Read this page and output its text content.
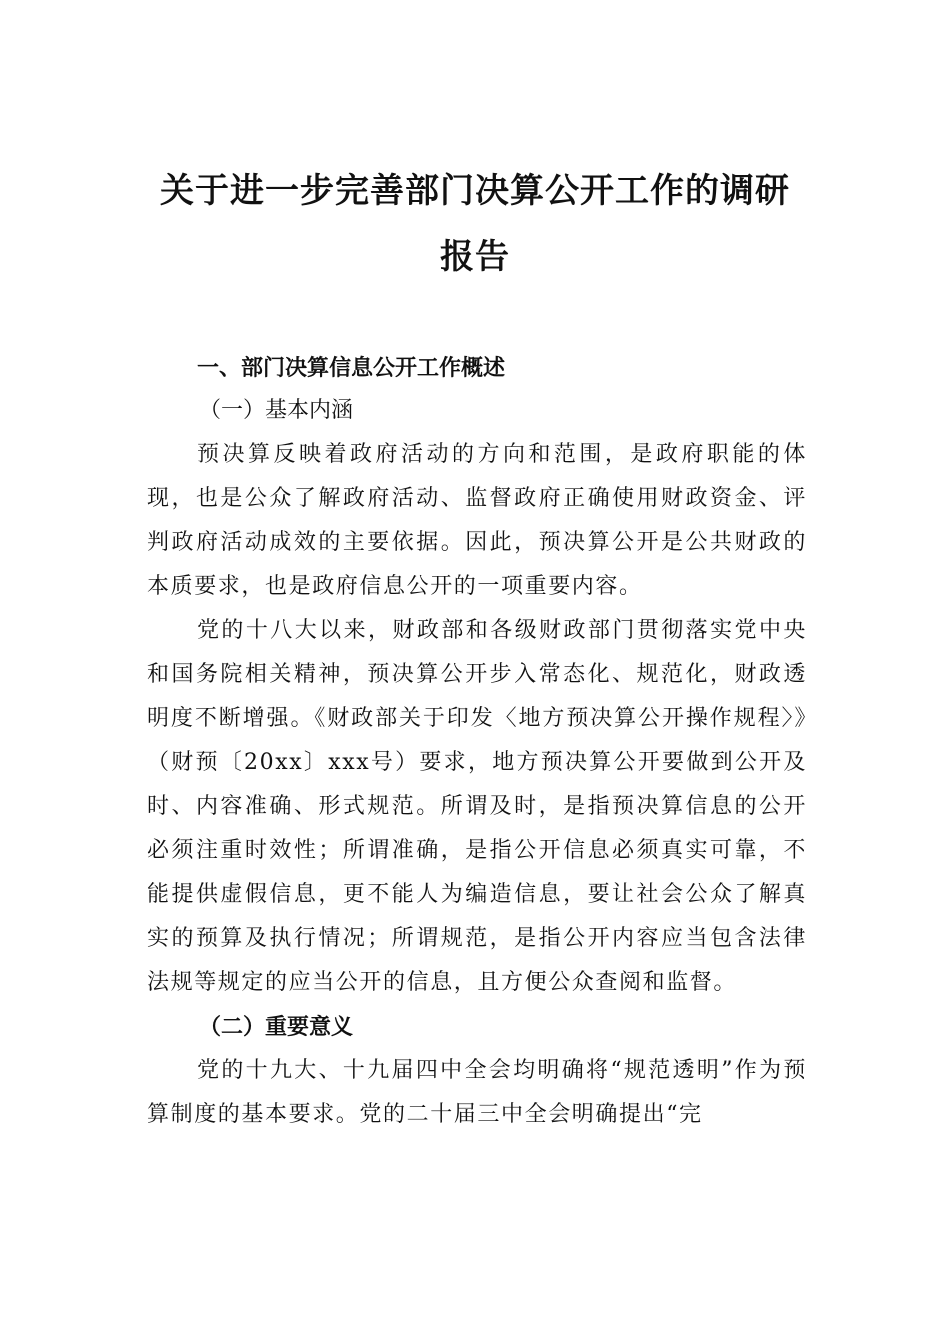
关于进一步完善部门决算公开工作的调研
报告
一、部门决算信息公开工作概述
（一）基本内涵

预决算反映着政府活动的方向和范围，是政府职能的体现，也是公众了解政府活动、监督政府正确使用财政资金、评判政府活动成效的主要依据。因此，预决算公开是公共财政的本质要求，也是政府信息公开的一项重要内容。

党的十八大以来，财政部和各级财政部门贯彻落实党中央和国务院相关精神，预决算公开步入常态化、规范化，财政透明度不断增强。《财政部关于印发〈地方预决算公开操作规程〉》（财预〔20xx〕xxx号）要求，地方预决算公开要做到公开及时、内容准确、形式规范。所谓及时，是指预决算信息的公开必须注重时效性；所谓准确，是指公开信息必须真实可靠，不能提供虚假信息，更不能人为编造信息，要让社会公众了解真实的预算及执行情况；所谓规范，是指公开内容应当包含法律法规等规定的应当公开的信息，且方便公众查阅和监督。

（二）重要意义

党的十九大、十九届四中全会均明确将“规范透明”作为预算制度的基本要求。党的二十届三中全会明确提出“完
